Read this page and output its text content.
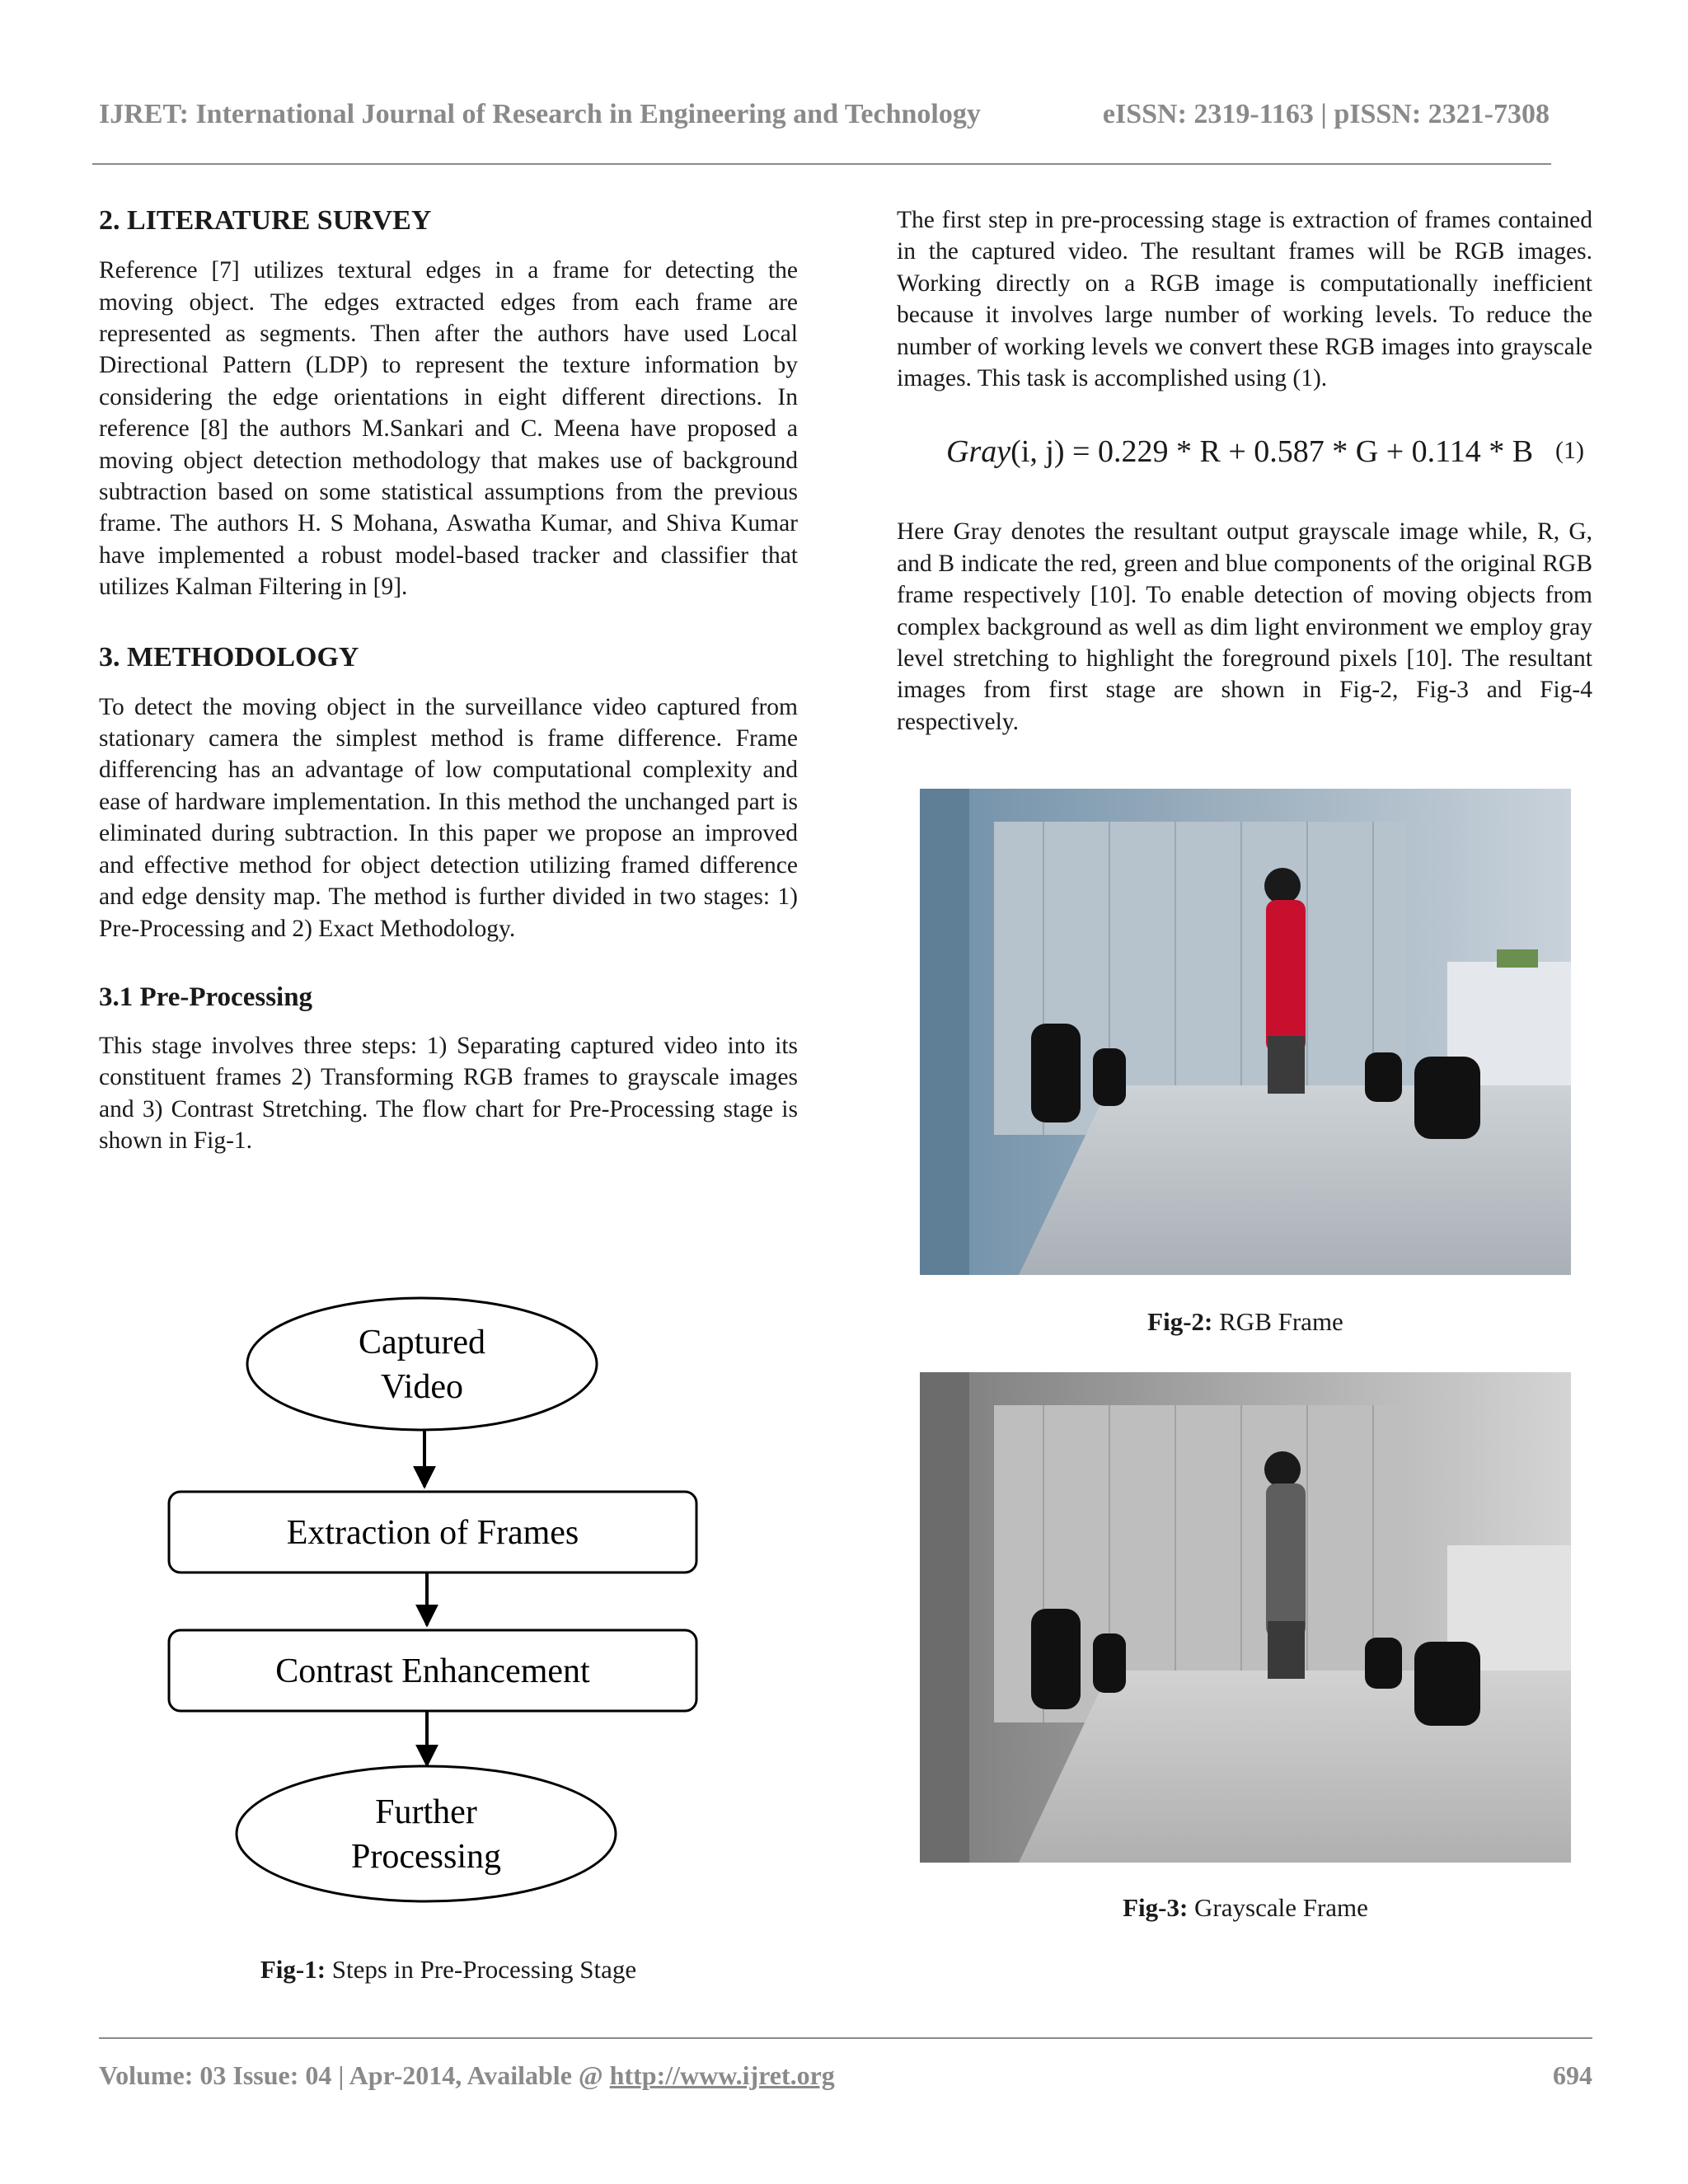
IJRET: International Journal of Research in Engineering and Technology	eISSN: 2319-1163 | pISSN: 2321-7308
2. LITERATURE SURVEY

Reference [7] utilizes textural edges in a frame for detecting the moving object. The edges extracted edges from each frame are represented as segments. Then after the authors have used Local Directional Pattern (LDP) to represent the texture information by considering the edge orientations in eight different directions. In reference [8] the authors M.Sankari and C. Meena have proposed a moving object detection methodology that makes use of background subtraction based on some statistical assumptions from the previous frame. The authors H. S Mohana, Aswatha Kumar, and Shiva Kumar have implemented a robust model-based tracker and classifier that utilizes Kalman Filtering in [9].

3. METHODOLOGY

To detect the moving object in the surveillance video captured from stationary camera the simplest method is frame difference. Frame differencing has an advantage of low computational complexity and ease of hardware implementation. In this method the unchanged part is eliminated during subtraction. In this paper we propose an improved and effective method for object detection utilizing framed difference and edge density map. The method is further divided in two stages: 1) Pre-Processing and 2) Exact Methodology.

3.1 Pre-Processing

This stage involves three steps: 1) Separating captured video into its constituent frames 2) Transforming RGB frames to grayscale images and 3) Contrast Stretching. The flow chart for Pre-Processing stage is shown in Fig-1.

Captured
Video
Extraction of Frames
Contrast Enhancement
Further
Processing
Fig-1: Steps in Pre-Processing Stage

The first step in pre-processing stage is extraction of frames contained in the captured video. The resultant frames will be RGB images. Working directly on a RGB image is computationally inefficient because it involves large number of working levels. To reduce the number of working levels we convert these RGB images into grayscale images. This task is accomplished using (1).

Gray(i, j) = 0.229 * R + 0.587 * G + 0.114 * B (1)

Here Gray denotes the resultant output grayscale image while, R, G, and B indicate the red, green and blue components of the original RGB frame respectively [10]. To enable detection of moving objects from complex background as well as dim light environment we employ gray level stretching to highlight the foreground pixels [10]. The resultant images from first stage are shown in Fig-2, Fig-3 and Fig-4 respectively.

Fig-2: RGB Frame
Fig-3: Grayscale Frame
Volume: 03 Issue: 04 | Apr-2014, Available @ http://www.ijret.org	694
